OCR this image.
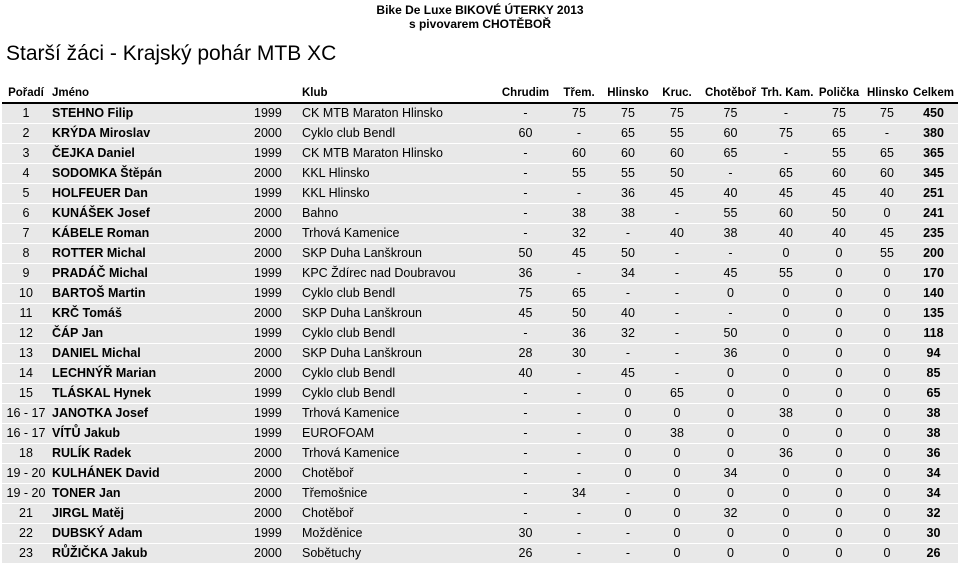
Bike De Luxe BIKOVÉ ÚTERKY 2013
s pivovarem CHOTĚBOŘ
Starší žáci - Krajský pohár MTB XC
Pořadí	Jméno		Klub	Chrudim	Třem.	Hlinsko	Kruc.	Chotěboř	Trh. Kam.	Polička	Hlinsko	Celkem
1	STEHNO Filip	1999	CK MTB Maraton Hlinsko	-	75	75	75	75	-	75	75	450
2	KRÝDA Miroslav	2000	Cyklo club Bendl	60	-	65	55	60	75	65	-	380
3	ČEJKA Daniel	1999	CK MTB Maraton Hlinsko	-	60	60	60	65	-	55	65	365
4	SODOMKA Štěpán	2000	KKL Hlinsko	-	55	55	50	-	65	60	60	345
5	HOLFEUER Dan	1999	KKL Hlinsko	-	-	36	45	40	45	45	40	251
6	KUNÁŠEK Josef	2000	Bahno	-	38	38	-	55	60	50	0	241
7	KÁBELE Roman	2000	Trhová Kamenice	-	32	-	40	38	40	40	45	235
8	ROTTER Michal	2000	SKP Duha Lanškroun	50	45	50	-	-	0	0	55	200
9	PRADÁČ Michal	1999	KPC Ždírec nad Doubravou	36	-	34	-	45	55	0	0	170
10	BARTOŠ Martin	1999	Cyklo club Bendl	75	65	-	-	0	0	0	0	140
11	KRČ Tomáš	2000	SKP Duha Lanškroun	45	50	40	-	-	0	0	0	135
12	ČÁP Jan	1999	Cyklo club Bendl	-	36	32	-	50	0	0	0	118
13	DANIEL Michal	2000	SKP Duha Lanškroun	28	30	-	-	36	0	0	0	94
14	LECHNÝŘ Marian	2000	Cyklo club Bendl	40	-	45	-	0	0	0	0	85
15	TLÁSKAL Hynek	1999	Cyklo club Bendl	-	-	0	65	0	0	0	0	65
16 - 17	JANOTKA Josef	1999	Trhová Kamenice	-	-	0	0	0	38	0	0	38
16 - 17	VÍTŮ Jakub	1999	EUROFOAM	-	-	0	38	0	0	0	0	38
18	RULÍK Radek	2000	Trhová Kamenice	-	-	0	0	0	36	0	0	36
19 - 20	KULHÁNEK David	2000	Chotěboř	-	-	0	0	34	0	0	0	34
19 - 20	TONER Jan	2000	Třemošnice	-	34	-	0	0	0	0	0	34
21	JIRGL Matěj	2000	Chotěboř	-	-	0	0	32	0	0	0	32
22	DUBSKÝ Adam	1999	Možděnice	30	-	-	0	0	0	0	0	30
23	RŮŽIČKA Jakub	2000	Sobětuchy	26	-	-	0	0	0	0	0	26
